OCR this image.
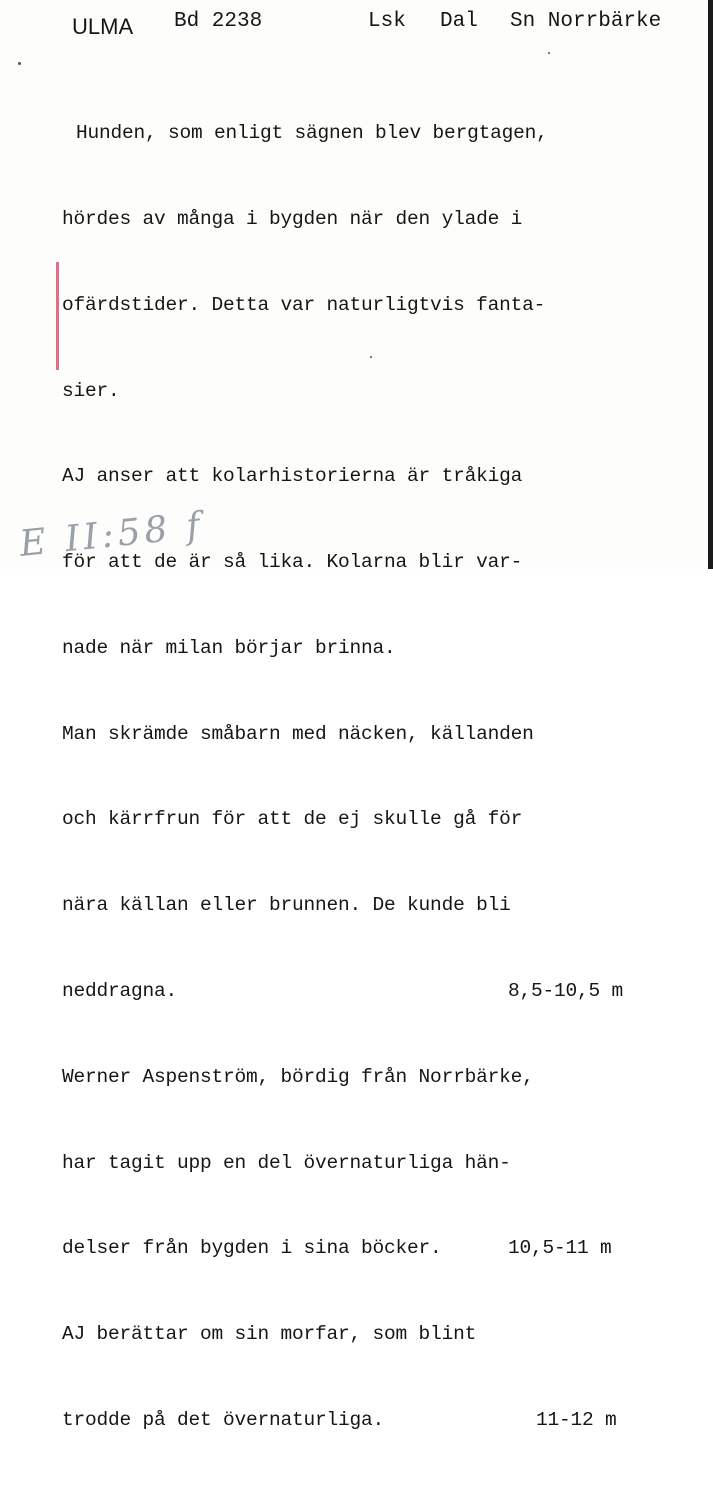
ULMA Bd 2238	Lsk Dal Sn Norrbärke

Hunden, som enligt sägnen blev bergtagen,

hördes av många i bygden när den ylade i

ofärdstider. Detta var naturligtvis fanta-

sier.

AJ anser att kolarhistorierna är tråkiga

för att de är så lika. Kolarna blir var-

nade när milan börjar brinna.

Man skrämde småbarn med näcken, källanden

och kärrfrun för att de ej skulle gå för

nära källan eller brunnen. De kunde bli

neddragna.	8,5-10,5 m

Werner Aspenström, bördig från Norrbärke,

har tagit upp en del övernaturliga hän-

delser från bygden i sina böcker.	10,5-11 m

AJ berättar om sin morfar, som blint

trodde på det övernaturliga.	11-12 m

E II:58 f
